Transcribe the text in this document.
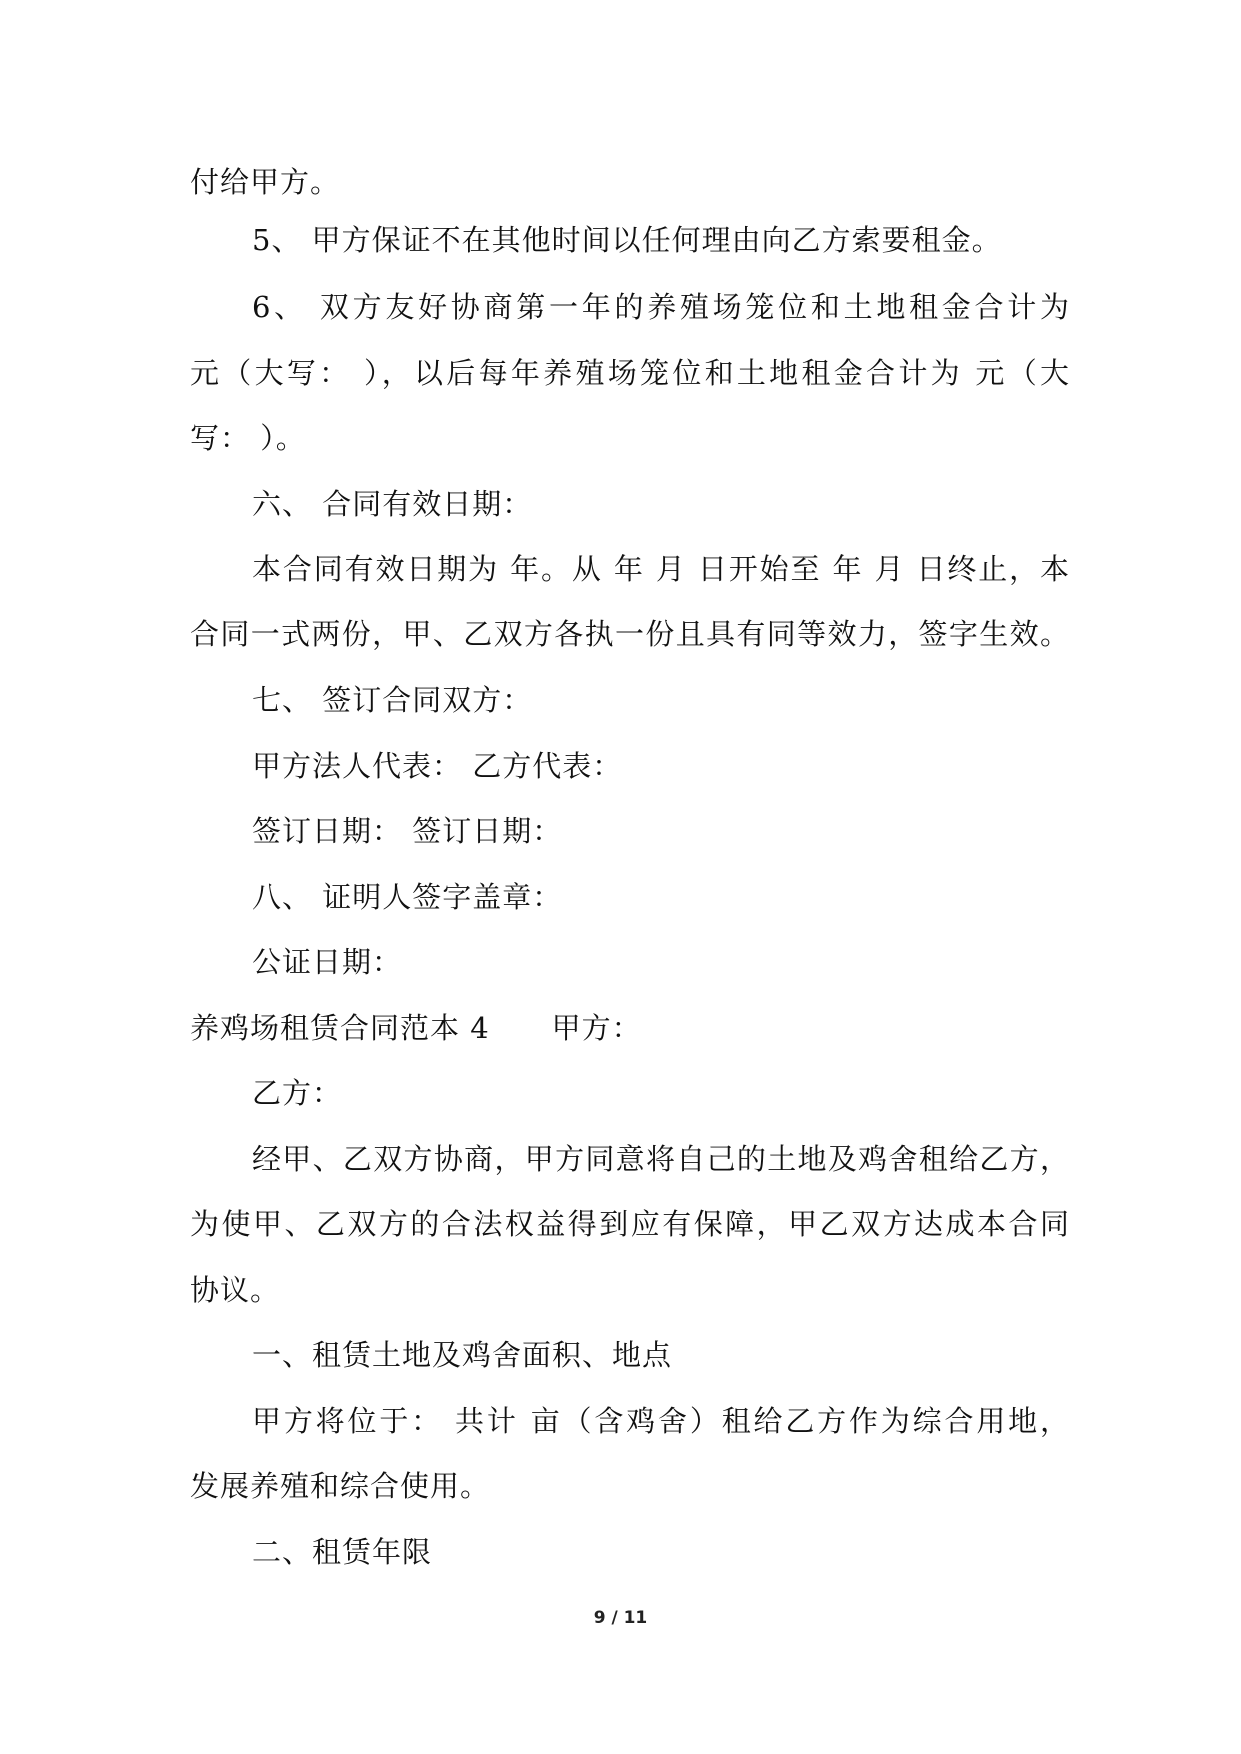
付给甲方。
5、 甲方保证不在其他时间以任何理由向乙方索要租金。
6、 双方友好协商第一年的养殖场笼位和土地租金合计为
元（大写： ），以后每年养殖场笼位和土地租金合计为 元（大
写： ）。
六、 合同有效日期：
本合同有效日期为 年。从 年 月 日开始至 年 月 日终止，本
合同一式两份，甲、乙双方各执一份且具有同等效力，签字生效。
七、 签订合同双方：
甲方法人代表： 乙方代表：
签订日期： 签订日期：
八、 证明人签字盖章：
公证日期：
养鸡场租赁合同范本 4 甲方：
乙方：
经甲、乙双方协商，甲方同意将自己的土地及鸡舍租给乙方，
为使甲、乙双方的合法权益得到应有保障，甲乙双方达成本合同
协议。
一、租赁土地及鸡舍面积、地点
甲方将位于： 共计 亩（含鸡舍）租给乙方作为综合用地，
发展养殖和综合使用。
二、租赁年限
9 / 11
